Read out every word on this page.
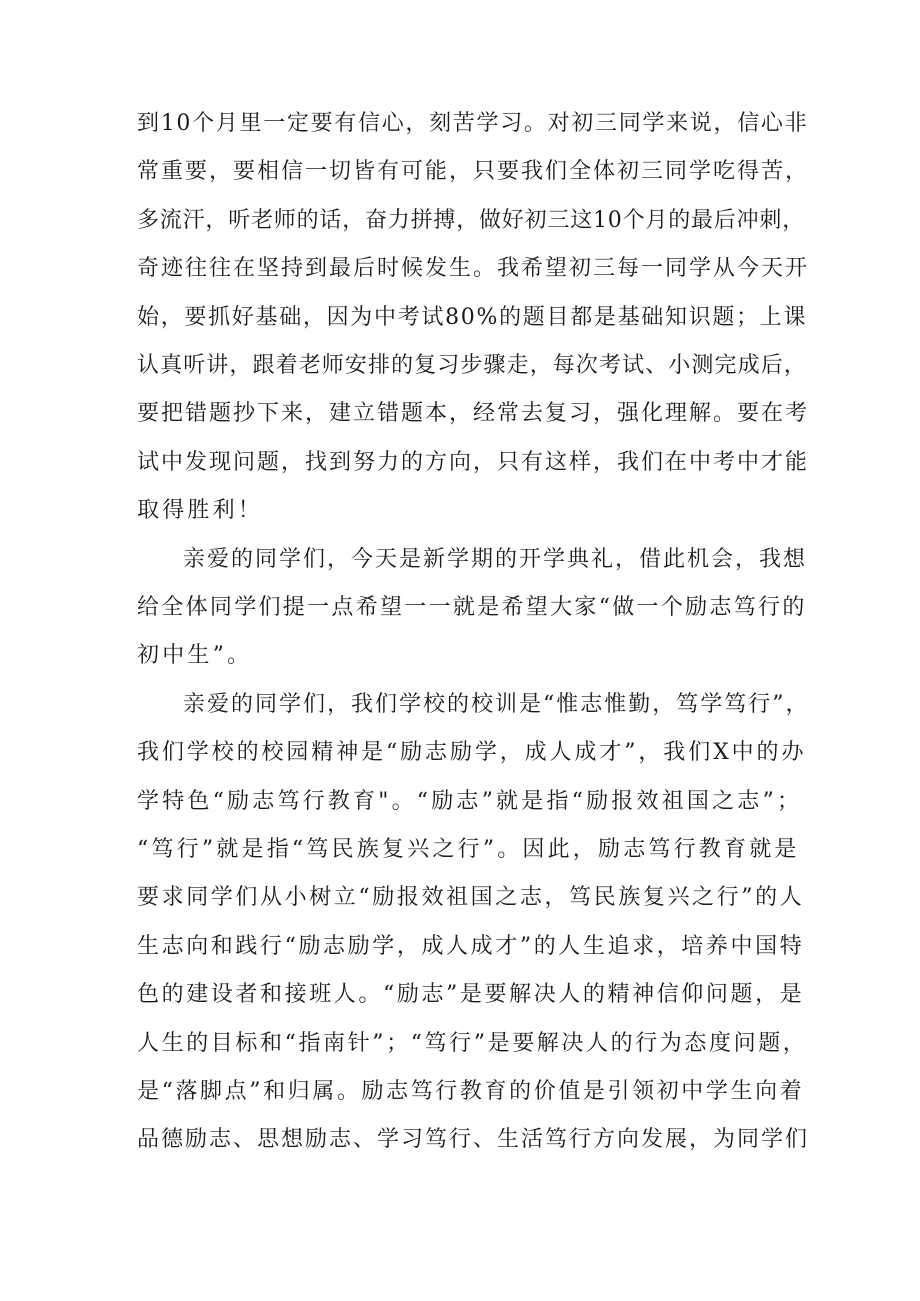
到10个月里一定要有信心，刻苦学习。对初三同学来说，信心非
常重要，要相信一切皆有可能，只要我们全体初三同学吃得苦，
多流汗，听老师的话，奋力拼搏，做好初三这10个月的最后冲刺，
奇迹往往在坚持到最后时候发生。我希望初三每一同学从今天开
始，要抓好基础，因为中考试80%的题目都是基础知识题；上课
认真听讲，跟着老师安排的复习步骤走，每次考试、小测完成后，
要把错题抄下来，建立错题本，经常去复习，强化理解。要在考
试中发现问题，找到努力的方向，只有这样，我们在中考中才能
取得胜利！
亲爱的同学们，今天是新学期的开学典礼，借此机会，我想
给全体同学们提一点希望一一就是希望大家“做一个励志笃行的
初中生”。
亲爱的同学们，我们学校的校训是“惟志惟勤，笃学笃行”，
我们学校的校园精神是“励志励学，成人成才”，我们X中的办
学特色“励志笃行教育"。“励志”就是指“励报效祖国之志”；
“笃行”就是指“笃民族复兴之行”。因此，励志笃行教育就是
要求同学们从小树立“励报效祖国之志，笃民族复兴之行”的人
生志向和践行“励志励学，成人成才”的人生追求，培养中国特
色的建设者和接班人。“励志”是要解决人的精神信仰问题，是
人生的目标和“指南针”；“笃行”是要解决人的行为态度问题，
是“落脚点”和归属。励志笃行教育的价值是引领初中学生向着
品德励志、思想励志、学习笃行、生活笃行方向发展，为同学们
